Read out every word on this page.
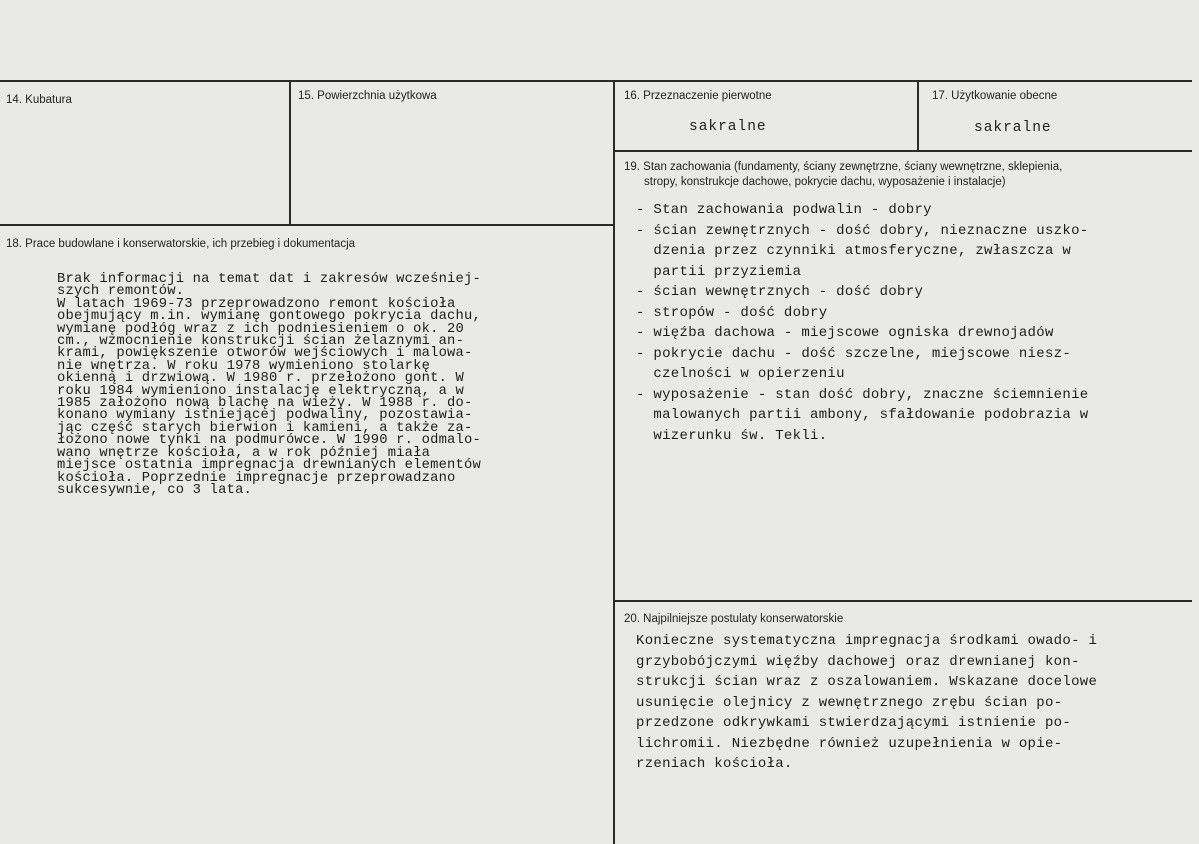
14. Kubatura	15. Powierzchnia użytkowa	16. Przeznaczenie pierwotne
sakralne
17. Użytkowanie obecne
sakralne
18. Prace budowlane i konserwatorskie, ich przebieg i dokumentacja
Brak informacji na temat dat i zakresów wcześniej-
szych remontów.
W latach 1969-73 przeprowadzono remont kościoła
obejmujący m.in. wymianę gontowego pokrycia dachu,
wymianę podłóg wraz z ich podniesieniem o ok. 20
cm., wzmocnienie konstrukcji ścian żelaznymi an-
krami, powiększenie otworów wejściowych i malowa-
nie wnętrza. W roku 1978 wymieniono stolarkę
okienną i drzwiową. W 1980 r. przełożono gont. W
roku 1984 wymieniono instalację elektryczną, a w
1985 założono nową blachę na wieży. W 1988 r. do-
konano wymiany istniejącej podwaliny, pozostawia-
jąc część starych bierwion i kamieni, a także za-
łożono nowe tynki na podmurówce. W 1990 r. odmalo-
wano wnętrze kościoła, a w rok później miała
miejsce ostatnia impregnacja drewnianych elementów
kościoła. Poprzednie impregnacje przeprowadzano
sukcesywnie, co 3 lata.
19. Stan zachowania (fundamenty, ściany zewnętrzne, ściany wewnętrzne, sklepienia,
stropy, konstrukcje dachowe, pokrycie dachu, wyposażenie i instalacje)
- Stan zachowania podwalin - dobry
- ścian zewnętrznych - dość dobry, nieznaczne uszko-
dzenia przez czynniki atmosferyczne, zwłaszcza w
partii przyziemia
- ścian wewnętrznych - dość dobry
- stropów - dość dobry
- więźba dachowa - miejscowe ogniska drewnojadów
- pokrycie dachu - dość szczelne, miejscowe niesz-
czelności w opierzeniu
- wyposażenie - stan dość dobry, znaczne ściemnienie
malowanych partii ambony, sfałdowanie podobrazia w
wizerunku św. Tekli.
20. Najpilniejsze postulaty konserwatorskie
Konieczne systematyczna impregnacja środkami owado- i
grzybobójczymi więźby dachowej oraz drewnianej kon-
strukcji ścian wraz z oszalowaniem. Wskazane docelowe
usunięcie olejnicy z wewnętrznego zrębu ścian po-
przedzone odkrywkami stwierdzającymi istnienie po-
lichromii. Niezbędne również uzupełnienia w opie-
rzeniach kościoła.
